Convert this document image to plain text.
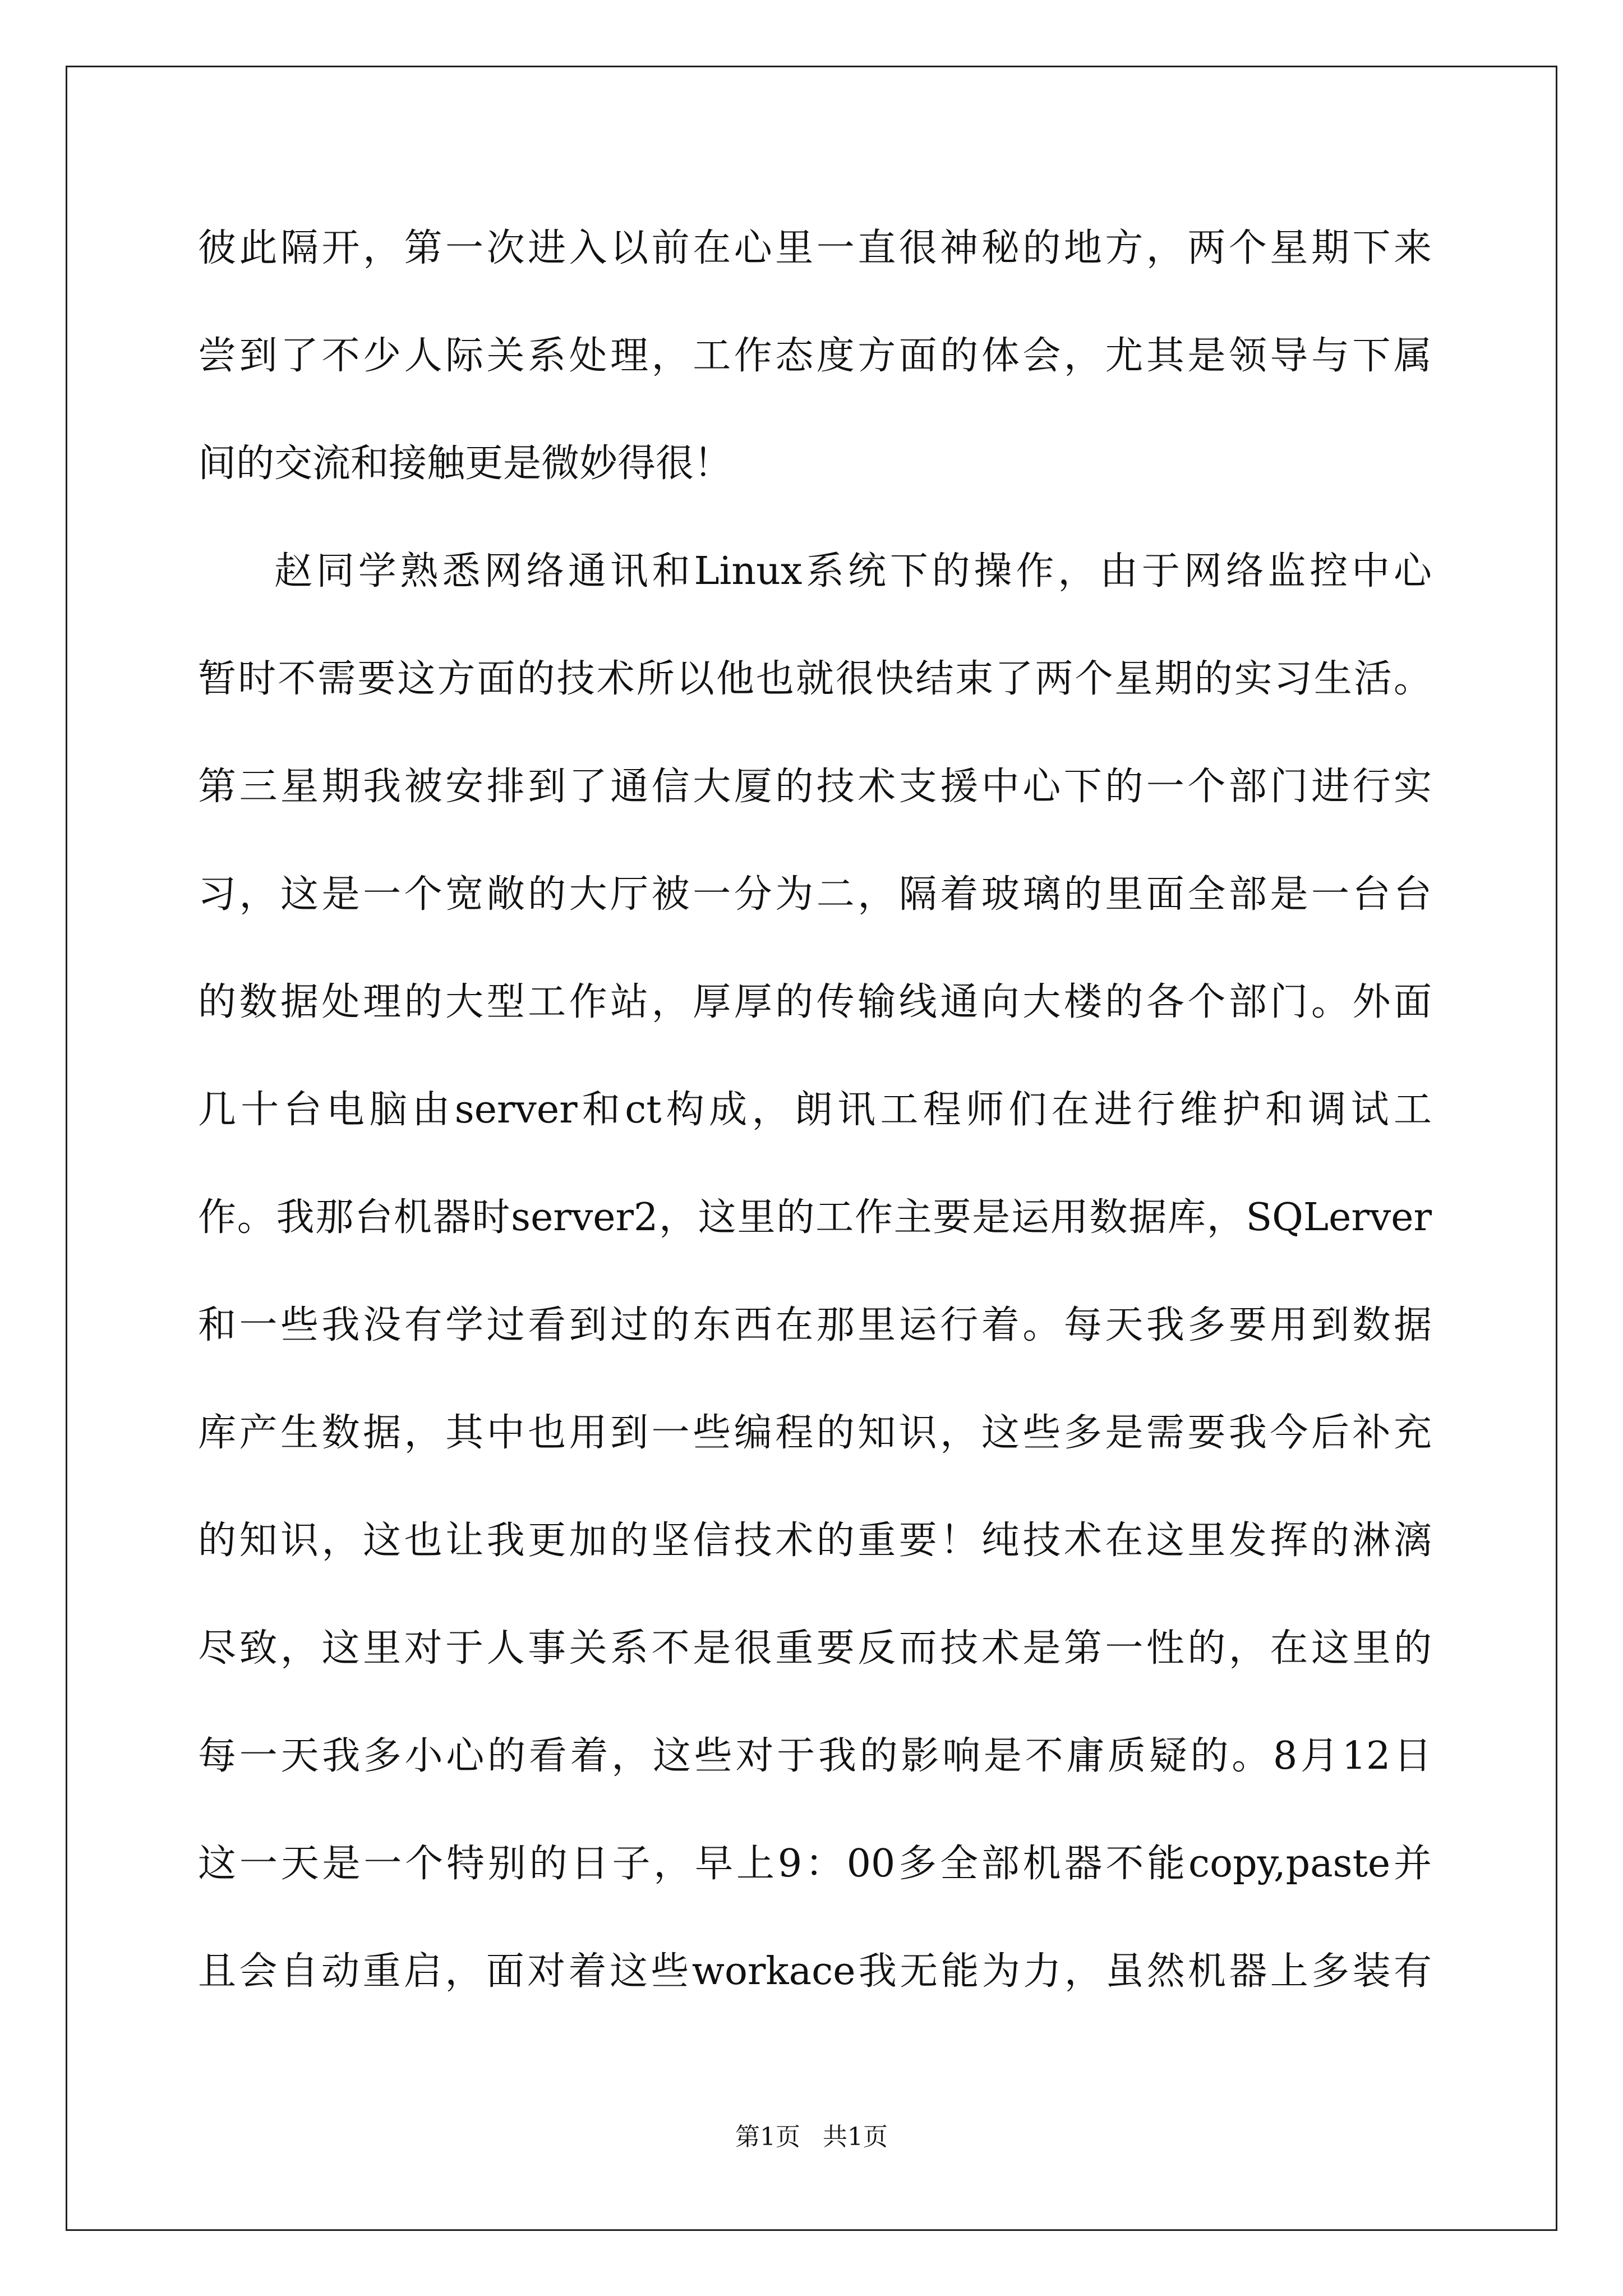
彼此隔开，第一次进入以前在心里一直很神秘的地方，两个星期下来

尝到了不少人际关系处理，工作态度方面的体会，尤其是领导与下属

间的交流和接触更是微妙得很！

赵同学熟悉网络通讯和Linux系统下的操作，由于网络监控中心

暂时不需要这方面的技术所以他也就很快结束了两个星期的实习生活。

第三星期我被安排到了通信大厦的技术支援中心下的一个部门进行实

习，这是一个宽敞的大厅被一分为二，隔着玻璃的里面全部是一台台

的数据处理的大型工作站，厚厚的传输线通向大楼的各个部门。外面

几十台电脑由server和ct构成，朗讯工程师们在进行维护和调试工

作。我那台机器时server2，这里的工作主要是运用数据库，SQLerver

和一些我没有学过看到过的东西在那里运行着。每天我多要用到数据

库产生数据，其中也用到一些编程的知识，这些多是需要我今后补充

的知识，这也让我更加的坚信技术的重要！纯技术在这里发挥的淋漓

尽致，这里对于人事关系不是很重要反而技术是第一性的，在这里的

每一天我多小心的看着，这些对于我的影响是不庸质疑的。8月12日

这一天是一个特别的日子，早上9：00多全部机器不能copy,paste并

且会自动重启，面对着这些workace我无能为力，虽然机器上多装有

第1页 共1页
